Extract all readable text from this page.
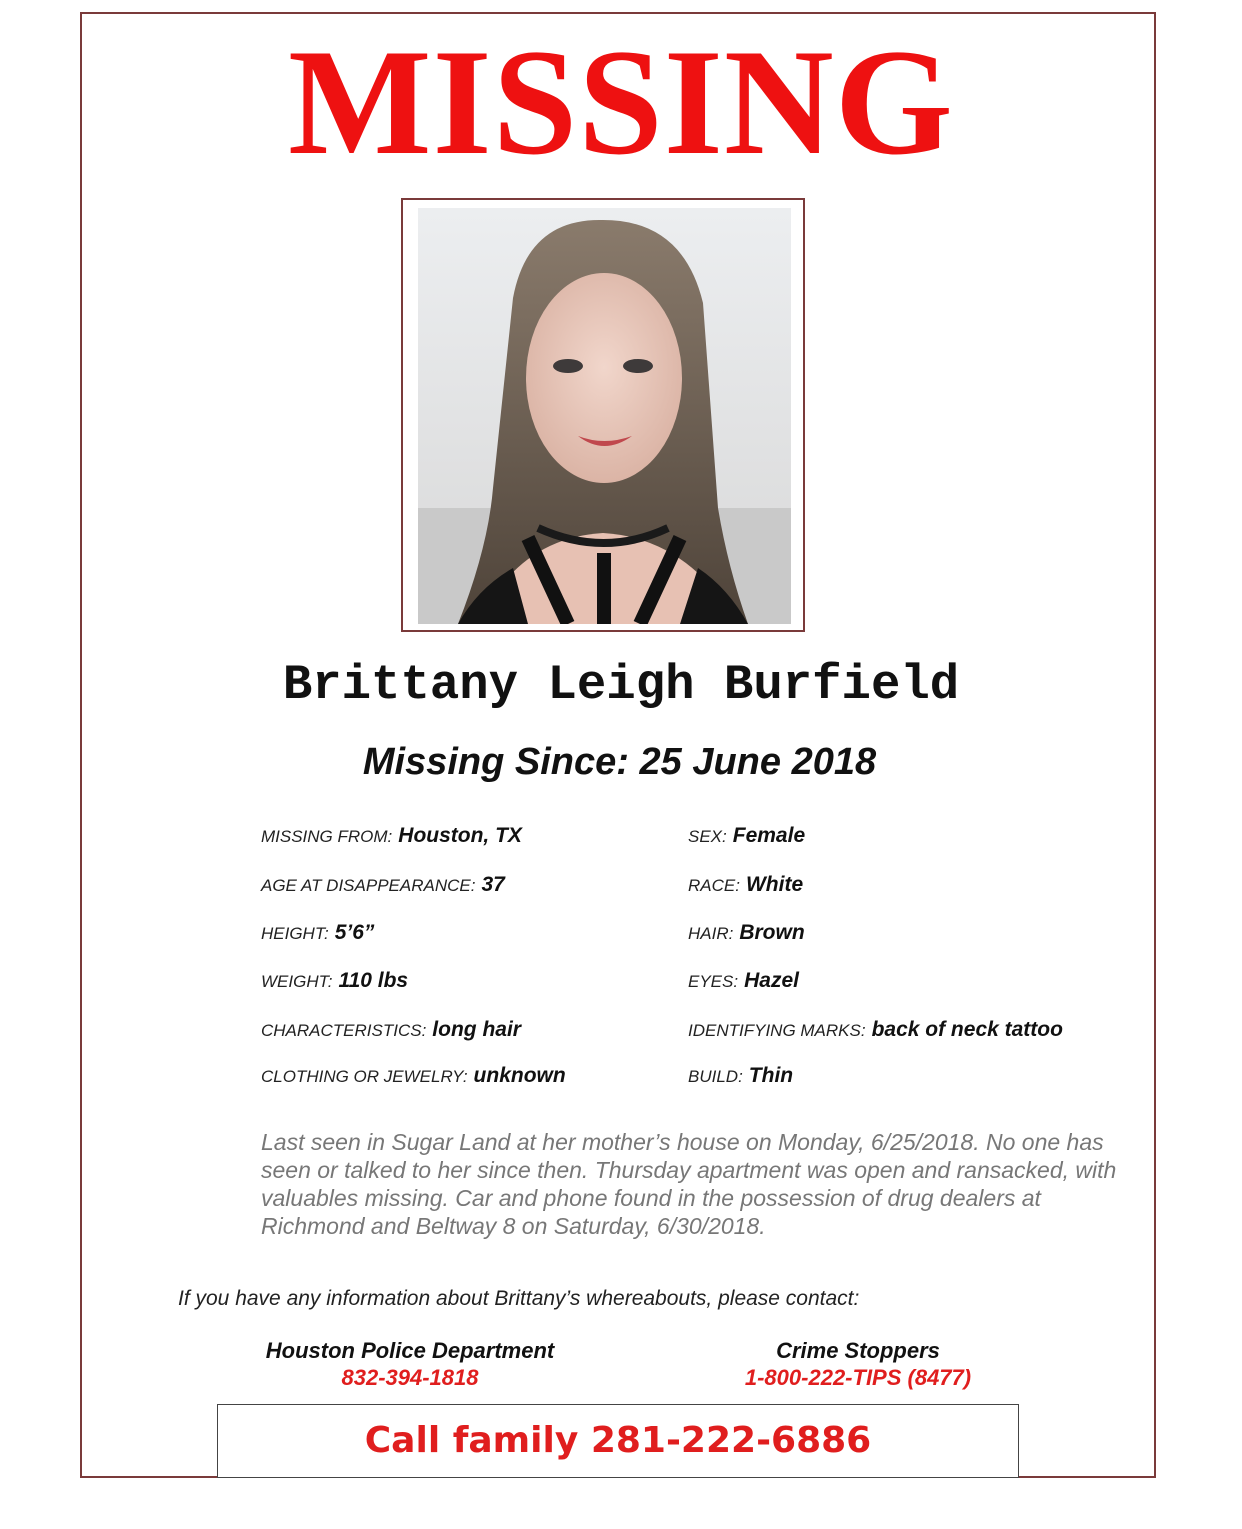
MISSING
Brittany Leigh Burfield
Missing Since: 25 June 2018
MISSING FROM: Houston, TX
AGE AT DISAPPEARANCE: 37
HEIGHT: 5’6”
WEIGHT: 110 lbs
CHARACTERISTICS: long hair
CLOTHING OR JEWELRY: unknown
SEX: Female
RACE: White
HAIR: Brown
EYES: Hazel
IDENTIFYING MARKS: back of neck tattoo
BUILD: Thin
Last seen in Sugar Land at her mother’s house on Monday, 6/25/2018. No one has seen or talked to her since then. Thursday apartment was open and ransacked, with valuables missing. Car and phone found in the possession of drug dealers at Richmond and Beltway 8 on Saturday, 6/30/2018.
If you have any information about Brittany’s whereabouts, please contact:
Houston Police Department
832-394-1818
Crime Stoppers
1-800-222-TIPS (8477)
Call family 281-222-6886
